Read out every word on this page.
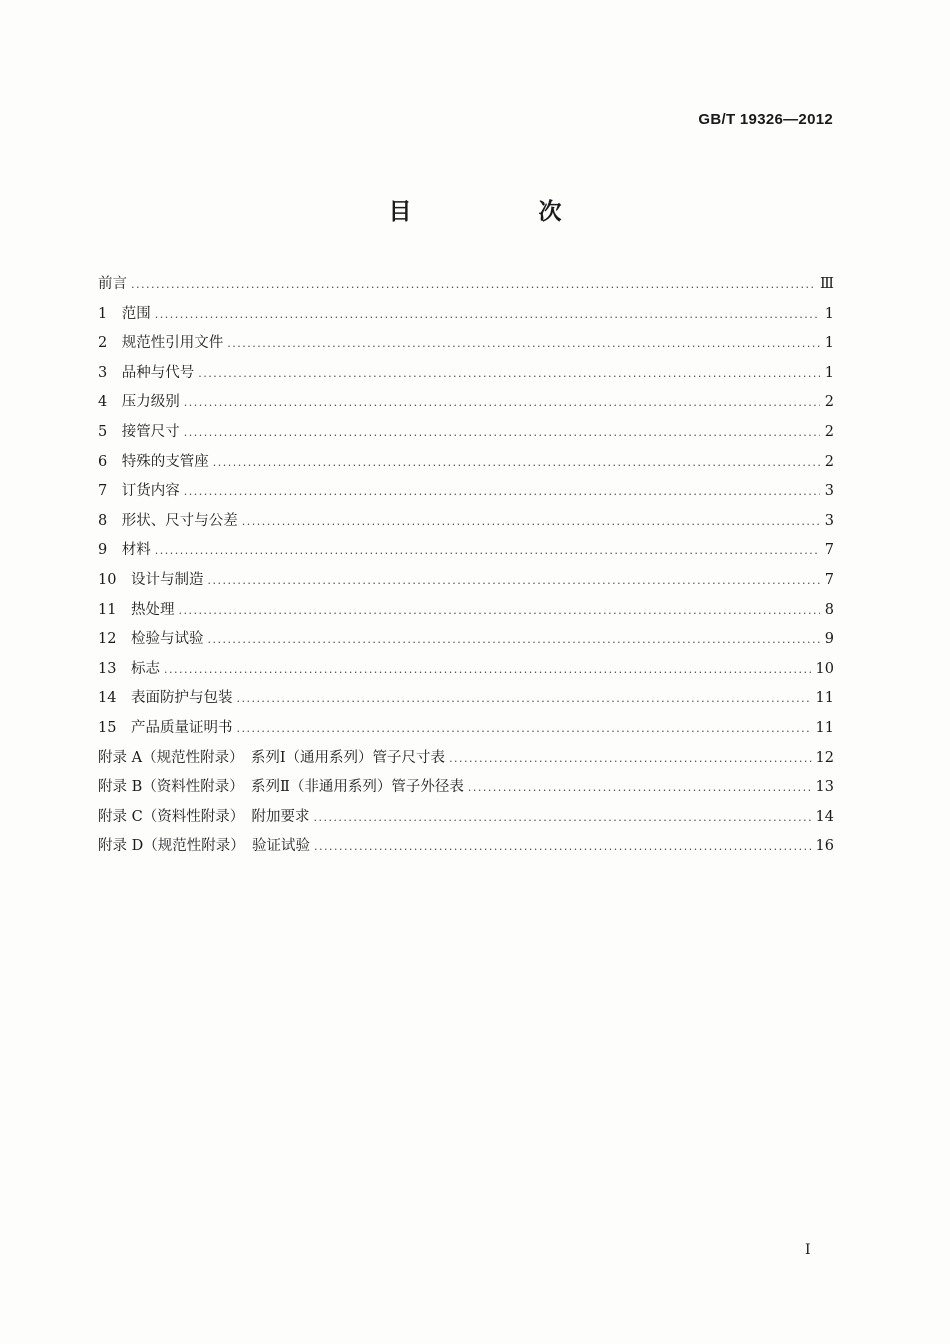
GB/T 19326—2012
目　次
前言 .....	Ⅲ
1　范围 .....	1
2　规范性引用文件 .....	1
3　品种与代号 .....	1
4　压力级别 .....	2
5　接管尺寸 .....	2
6　特殊的支管座 .....	2
7　订货内容 .....	3
8　形状、尺寸与公差 .....	3
9　材料 .....	7
10　设计与制造 .....	7
11　热处理 .....	8
12　检验与试验 .....	9
13　标志 .....	10
14　表面防护与包装 .....	11
15　产品质量证明书 .....	11
附录 A（规范性附录）　系列Ⅰ（通用系列）管子尺寸表 .....	12
附录 B（资料性附录）　系列Ⅱ（非通用系列）管子外径表 .....	13
附录 C（资料性附录）　附加要求 .....	14
附录 D（规范性附录）　验证试验 .....	16
I
